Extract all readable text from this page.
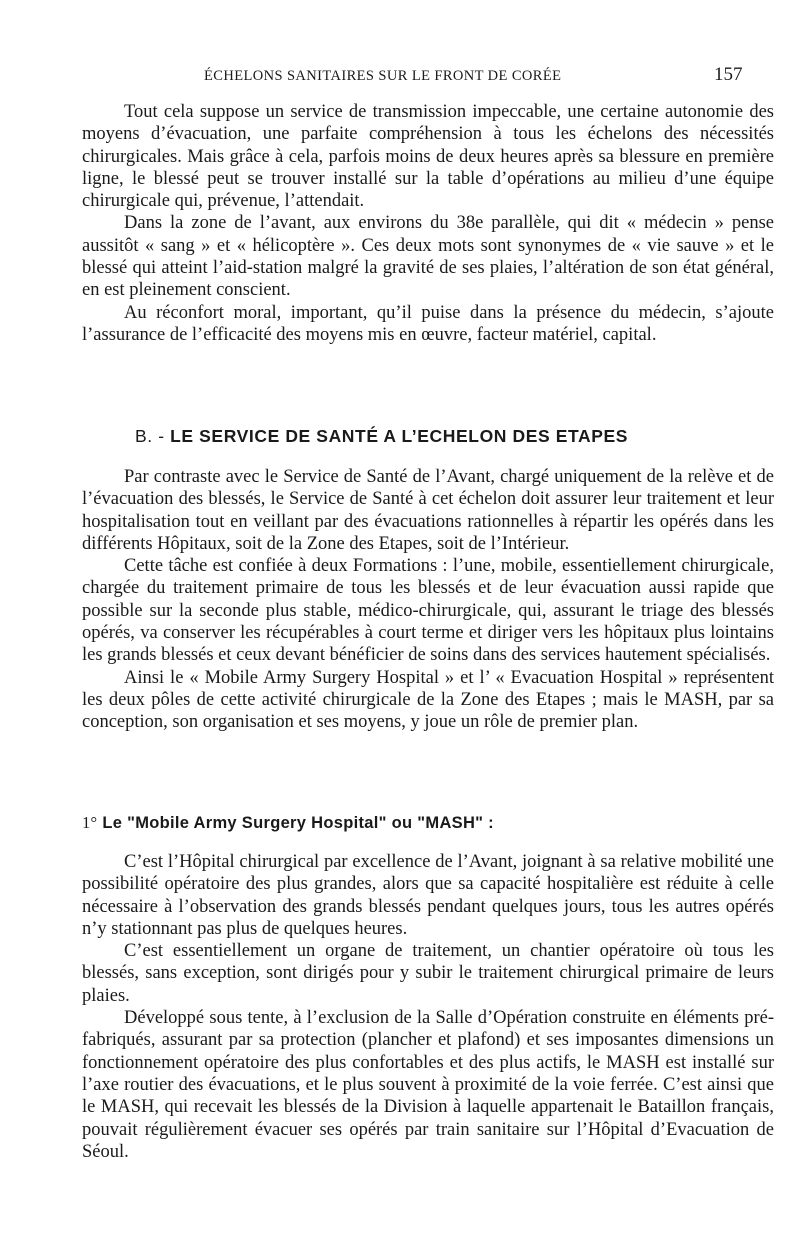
ÉCHELONS SANITAIRES SUR LE FRONT DE CORÉE	157

Tout cela suppose un service de transmission impeccable, une certaine autonomie des moyens d’évacuation, une parfaite compréhension à tous les échelons des nécessités chirurgicales. Mais grâce à cela, parfois moins de deux heures après sa blessure en première ligne, le blessé peut se trouver installé sur la table d’opérations au milieu d’une équipe chirurgicale qui, prévenue, l’attendait.

Dans la zone de l’avant, aux environs du 38e parallèle, qui dit « médecin » pense aussitôt « sang » et « hélicoptère ». Ces deux mots sont synonymes de « vie sauve » et le blessé qui atteint l’aid-station malgré la gravité de ses plaies, l’altération de son état général, en est pleinement conscient.

Au réconfort moral, important, qu’il puise dans la présence du médecin, s’ajoute l’assurance de l’efficacité des moyens mis en œuvre, facteur matériel, capital.

B. - LE SERVICE DE SANTÉ A L’ECHELON DES ETAPES

Par contraste avec le Service de Santé de l’Avant, chargé uniquement de la relève et de l’évacuation des blessés, le Service de Santé à cet échelon doit assurer leur traitement et leur hospitalisation tout en veillant par des évacuations rationnelles à répartir les opérés dans les différents Hôpitaux, soit de la Zone des Etapes, soit de l’Intérieur.

Cette tâche est confiée à deux Formations : l’une, mobile, essentiellement chirurgicale, chargée du traitement primaire de tous les blessés et de leur évacuation aussi rapide que possible sur la seconde plus stable, médico-chirurgicale, qui, assurant le triage des blessés opérés, va conserver les récupérables à court terme et diriger vers les hôpitaux plus lointains les grands blessés et ceux devant bénéficier de soins dans des services hautement spécialisés.

Ainsi le « Mobile Army Surgery Hospital » et l’ « Evacuation Hospital » représentent les deux pôles de cette activité chirurgicale de la Zone des Etapes ; mais le MASH, par sa conception, son organisation et ses moyens, y joue un rôle de premier plan.

1° Le "Mobile Army Surgery Hospital" ou "MASH" :

C’est l’Hôpital chirurgical par excellence de l’Avant, joignant à sa relative mobilité une possibilité opératoire des plus grandes, alors que sa capacité hospitalière est réduite à celle nécessaire à l’observation des grands blessés pendant quelques jours, tous les autres opérés n’y stationnant pas plus de quelques heures.

C’est essentiellement un organe de traitement, un chantier opératoire où tous les blessés, sans exception, sont dirigés pour y subir le traitement chirurgical primaire de leurs plaies.

Développé sous tente, à l’exclusion de la Salle d’Opération construite en éléments pré-fabriqués, assurant par sa protection (plancher et plafond) et ses imposantes dimensions un fonctionnement opératoire des plus confortables et des plus actifs, le MASH est installé sur l’axe routier des évacuations, et le plus souvent à proximité de la voie ferrée. C’est ainsi que le MASH, qui recevait les blessés de la Division à laquelle appartenait le Bataillon français, pouvait régulièrement évacuer ses opérés par train sanitaire sur l’Hôpital d’Evacuation de Séoul.
